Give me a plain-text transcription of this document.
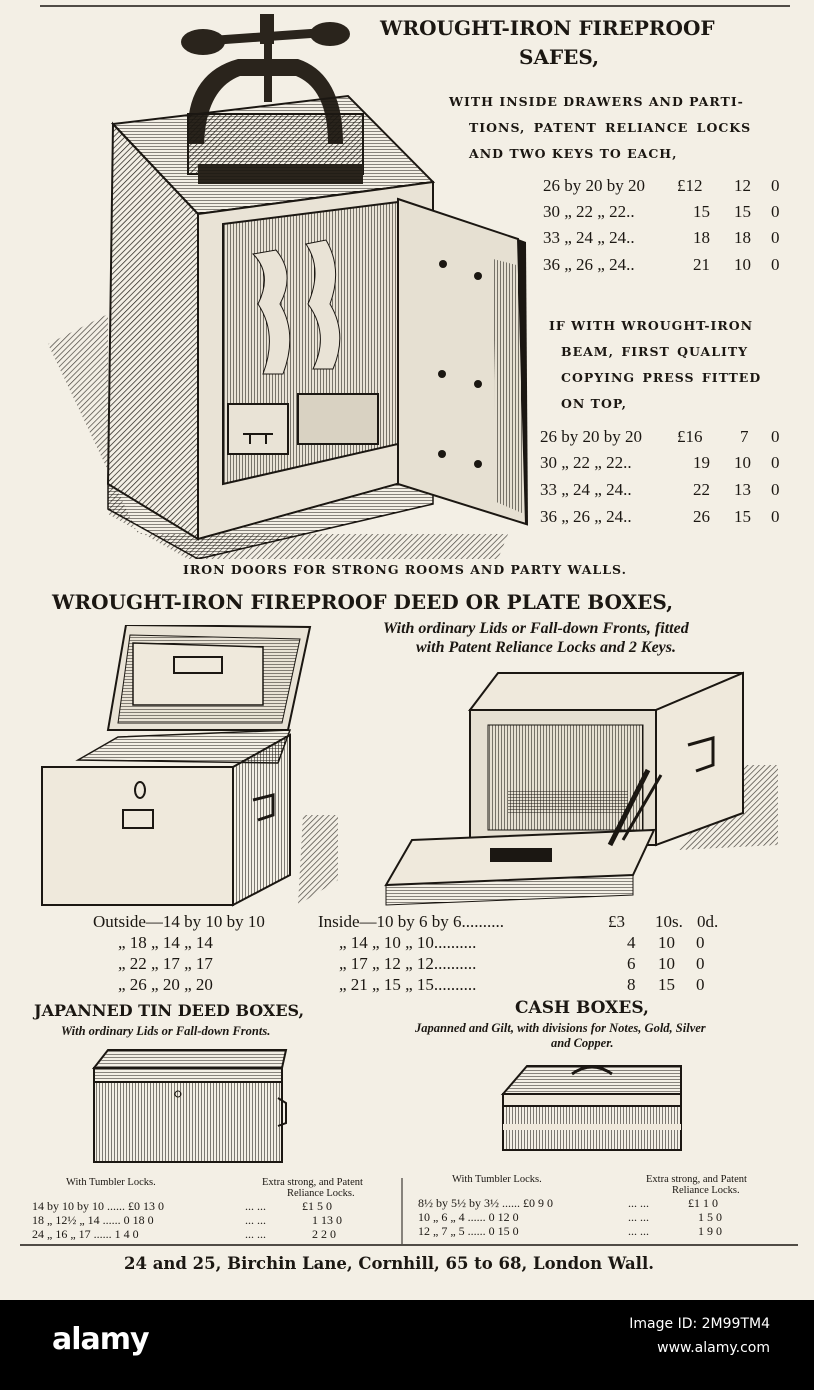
WROUGHT-IRON FIREPROOF
SAFES,
WITH INSIDE DRAWERS AND PARTI-
TIONS, PATENT RELIANCE LOCKS
AND TWO KEYS TO EACH,
26 by 20 by 20 £12 12 0
30 „ 22 „ 22..	15 15 0
33 „ 24 „ 24..	18 18 0
36 „ 26 „ 24..	21 10 0
IF WITH WROUGHT-IRON
BEAM, FIRST QUALITY
COPYING PRESS FITTED
ON TOP,
26 by 20 by 20 £16 7 0
30 „ 22 „ 22..	19 10 0
33 „ 24 „ 24..	22 13 0
36 „ 26 „ 24..	26 15 0
IRON DOORS FOR STRONG ROOMS AND PARTY WALLS.
WROUGHT-IRON FIREPROOF DEED OR PLATE BOXES,
With ordinary Lids or Fall-down Fronts, fitted
with Patent Reliance Locks and 2 Keys.
Outside—14 by 10 by 10	Inside—10 by 6 by 6..........	£3 10s. 0d.
„ 18 „ 14 „ 14	„ 14 „ 10 „ 10..........	4 10 0
„ 22 „ 17 „ 17	„ 17 „ 12 „ 12..........	6 10 0
„ 26 „ 20 „ 20	„ 21 „ 15 „ 15..........	8 15 0
JAPANNED TIN DEED BOXES,
With ordinary Lids or Fall-down Fronts.
CASH BOXES,
Japanned and Gilt, with divisions for Notes, Gold, Silver
and Copper.
With Tumbler Locks.	Extra strong, and Patent
Reliance Locks.
14 by 10 by 10 ...... £0 13 0	... ...	£1 5 0
18 „ 12½ „ 14 ...... 0 18 0	... ...	1 13 0
24 „ 16 „ 17 ...... 1 4 0	... ...	2 2 0
With Tumbler Locks.	Extra strong, and Patent
Reliance Locks.
8½ by 5½ by 3½ ...... £0 9 0	... ...	£1 1 0
10 „ 6 „ 4 ...... 0 12 0	... ...	1 5 0
12 „ 7 „ 5 ...... 0 15 0	... ...	1 9 0
24 and 25, Birchin Lane, Cornhill, 65 to 68, London Wall.
alamy	Image ID: 2M99TM4
www.alamy.com
